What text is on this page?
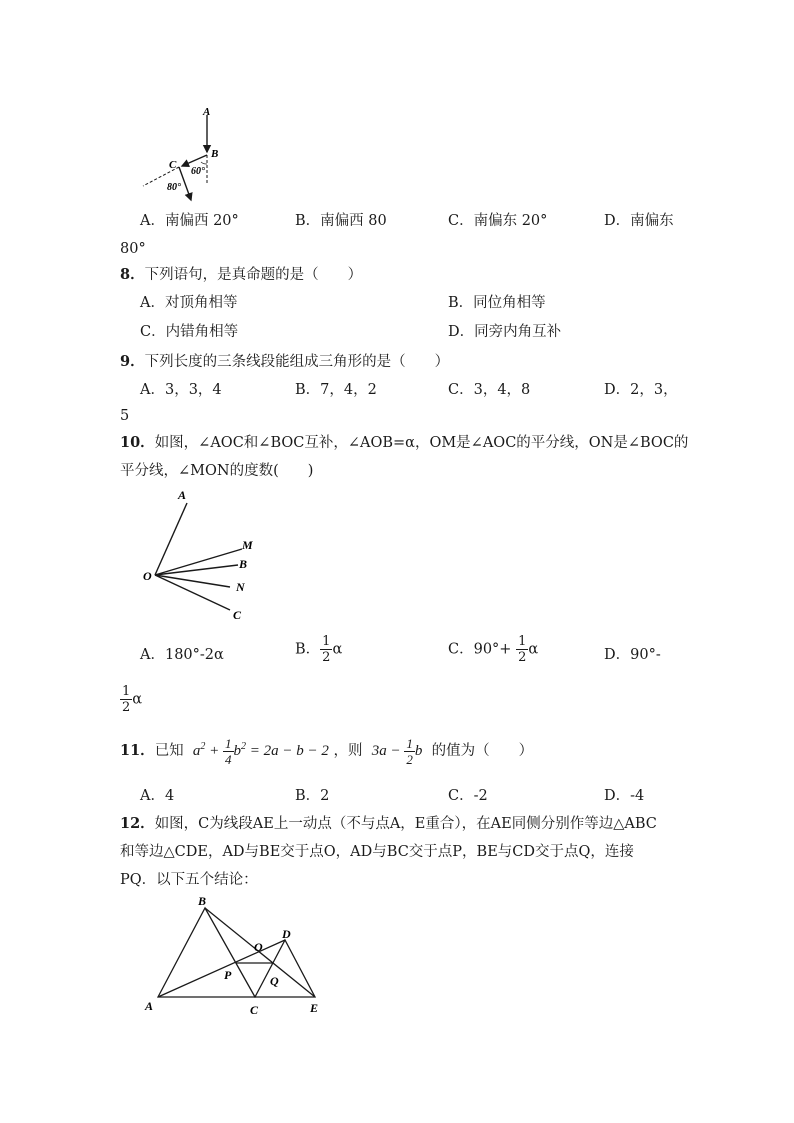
A
B
C
60°
80°
A．南偏西 20°	B．南偏西 80	C．南偏东 20°	D．南偏东
80°
8．下列语句，是真命题的是（　　）
A．对顶角相等	B．同位角相等
C．内错角相等	D．同旁内角互补
9．下列长度的三条线段能组成三角形的是（　　）
A．3，3，4	B．7，4，2	C．3，4，8	D．2，3，
5
10．如图，∠AOC和∠BOC互补，∠AOB=α，OM是∠AOC的平分线，ON是∠BOC的
平分线，∠MON的度数(　　)
A
M
B
N
O
C
A．180°-2α	B． $\frac{1}{2}$ α	C．$90^\circ+ \frac{1}{2}$ α	D．90°-
$\frac{1}{2}$ α
11．已知 $a^2 + \frac{1}{4} b^2 = 2a - b - 2$ ，则 $3a - \frac{1}{2}$ b 的值为（　　）
A．4	B．2	C．-2	D．-4
12．如图，C为线段AE上一动点（不与点A，E重合），在AE同侧分别作等边△ABC
和等边△CDE，AD与BE交于点O，AD与BC交于点P，BE与CD交于点Q，连接
PQ．以下五个结论：
A
B
C
D
E
O
P	Q
